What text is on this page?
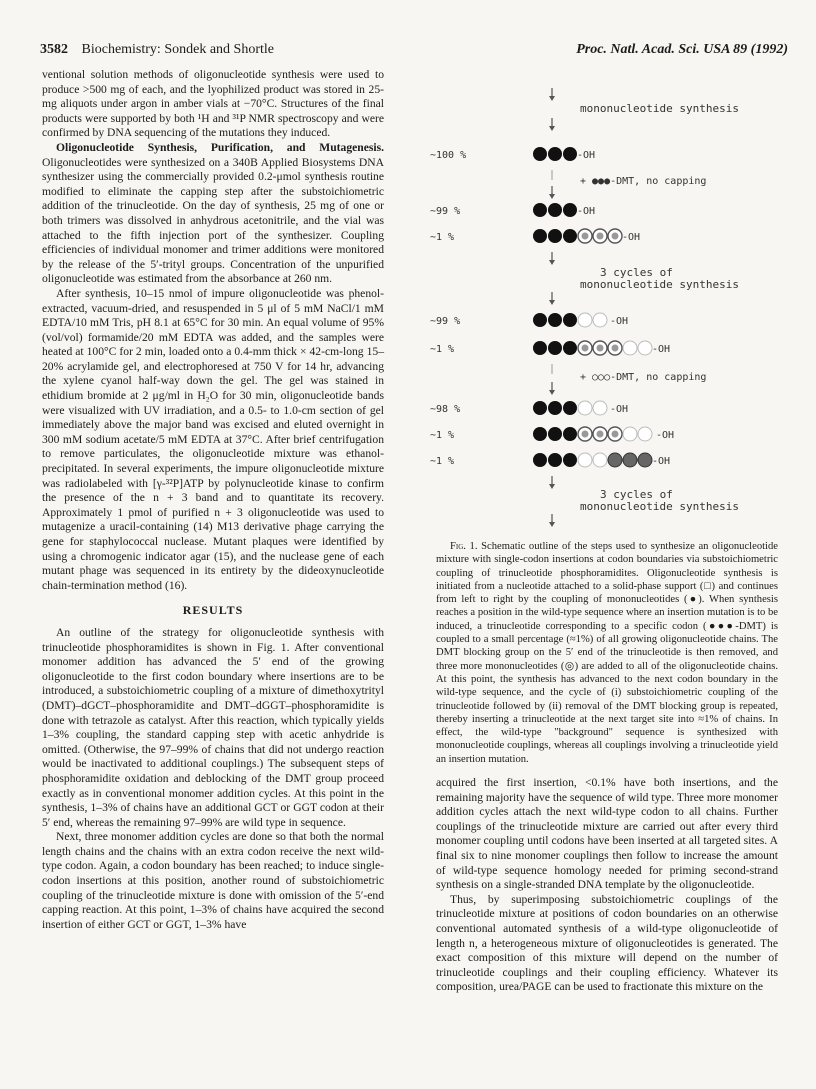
3582 Biochemistry: Sondek and Shortle	Proc. Natl. Acad. Sci. USA 89 (1992)

ventional solution methods of oligonucleotide synthesis were used to produce >500 mg of each, and the lyophilized product was stored in 25-mg aliquots under argon in amber vials at −70°C. Structures of the final products were supported by both ¹H and ³¹P NMR spectroscopy and were confirmed by DNA sequencing of the mutations they induced.

Oligonucleotide Synthesis, Purification, and Mutagenesis. Oligonucleotides were synthesized on a 340B Applied Biosystems DNA synthesizer using the commercially provided 0.2-μmol synthesis routine modified to eliminate the capping step after the substoichiometric addition of the trinucleotide. On the day of synthesis, 25 mg of one or both trimers was dissolved in anhydrous acetonitrile, and the vial was attached to the fifth injection port of the synthesizer. Coupling efficiencies of individual monomer and trimer additions were monitored by the release of the 5′-trityl groups. Concentration of the unpurified oligonucleotide was estimated from the absorbance at 260 nm.

After synthesis, 10–15 nmol of impure oligonucleotide was phenol-extracted, vacuum-dried, and resuspended in 5 μl of 5 mM NaCl/1 mM EDTA/10 mM Tris, pH 8.1 at 65°C for 30 min. An equal volume of 95% (vol/vol) formamide/20 mM EDTA was added, and the samples were heated at 100°C for 2 min, loaded onto a 0.4-mm thick × 42-cm-long 15–20% acrylamide gel, and electrophoresed at 750 V for 14 hr, advancing the xylene cyanol half-way down the gel. The gel was stained in ethidium bromide at 2 μg/ml in H₂O for 30 min, oligonucleotide bands were visualized with UV irradiation, and a 0.5- to 1.0-cm section of gel immediately above the major band was excised and eluted overnight in 300 mM sodium acetate/5 mM EDTA at 37°C. After brief centrifugation to remove particulates, the oligonucleotide mixture was ethanol-precipitated. In several experiments, the impure oligonucleotide mixture was radiolabeled with [γ-³²P]ATP by polynucleotide kinase to confirm the presence of the n + 3 band and to quantitate its recovery. Approximately 1 pmol of purified n + 3 oligonucleotide was used to mutagenize a uracil-containing (14) M13 derivative phage carrying the gene for staphylococcal nuclease. Mutant plaques were identified by using a chromogenic indicator agar (15), and the nuclease gene of each mutant phage was sequenced in its entirety by the dideoxynucleotide chain-termination method (16).

RESULTS

An outline of the strategy for oligonucleotide synthesis with trinucleotide phosphoramidites is shown in Fig. 1. After conventional monomer addition has advanced the 5′ end of the growing oligonucleotide to the first codon boundary where insertions are to be introduced, a substoichiometric coupling of a mixture of dimethoxytrityl (DMT)–dGCT–phosphoramidite and DMT–dGGT–phosphoramidite is done with tetrazole as catalyst. After this reaction, which typically yields 1–3% coupling, the standard capping step with acetic anhydride is omitted. (Otherwise, the 97–99% of chains that did not undergo reaction would be inactivated to additional couplings.) The subsequent steps of phosphoramidite oxidation and deblocking of the DMT group proceed exactly as in conventional monomer addition cycles. At this point in the synthesis, 1–3% of chains have an additional GCT or GGT codon at their 5′ end, whereas the remaining 97–99% are wild type in sequence.

Next, three monomer addition cycles are done so that both the normal length chains and the chains with an extra codon receive the next wild-type codon. Again, a codon boundary has been reached; to induce single-codon insertions at this position, another round of substoichiometric coupling of the trinucleotide mixture is done with omission of the 5′-end capping reaction. At this point, 1–3% of chains have acquired the second insertion of either GCT or GGT, 1–3% have

mononucleotide synthesis
~100 %	-OH
+ ●●●-DMT, no capping
~99 %	-OH
~1 %	-OH
3 cycles of
mononucleotide synthesis
~99 %	-OH
~1 %	-OH
+ ○○○-DMT, no capping
~98 %	-OH
~1 %	-OH
~1 %	-OH
3 cycles of
mononucleotide synthesis

Fig. 1. Schematic outline of the steps used to synthesize an oligonucleotide mixture with single-codon insertions at codon boundaries via substoichiometric coupling of trinucleotide phosphoramidites. Oligonucleotide synthesis is initiated from a nucleotide attached to a solid-phase support (□) and continues from left to right by the coupling of mononucleotides (●). When synthesis reaches a position in the wild-type sequence where an insertion mutation is to be induced, a trinucleotide corresponding to a specific codon (●●●-DMT) is coupled to a small percentage (≈1%) of all growing oligonucleotide chains. The DMT blocking group on the 5′ end of the trinucleotide is then removed, and three more mononucleotides (◎) are added to all of the oligonucleotide chains. At this point, the synthesis has advanced to the next codon boundary in the wild-type sequence, and the cycle of (i) substoichiometric coupling of the trinucleotide followed by (ii) removal of the DMT blocking group is repeated, thereby inserting a trinucleotide at the next target site into ≈1% of chains. In effect, the wild-type "background" sequence is synthesized with mononucleotide couplings, whereas all couplings involving a trinucleotide yield an insertion mutation.

acquired the first insertion, <0.1% have both insertions, and the remaining majority have the sequence of wild type. Three more monomer addition cycles attach the next wild-type codon to all chains. Further couplings of the trinucleotide mixture are carried out after every third monomer coupling until codons have been inserted at all targeted sites. A final six to nine monomer couplings then follow to increase the amount of wild-type sequence homology needed for priming second-strand synthesis on a single-stranded DNA template by the oligonucleotide.

Thus, by superimposing substoichiometric couplings of the trinucleotide mixture at positions of codon boundaries on an otherwise conventional automated synthesis of a wild-type oligonucleotide of length n, a heterogeneous mixture of oligonucleotides is generated. The exact composition of this mixture will depend on the number of trinucleotide couplings and their coupling efficiency. Whatever its composition, urea/PAGE can be used to fractionate this mixture on the
